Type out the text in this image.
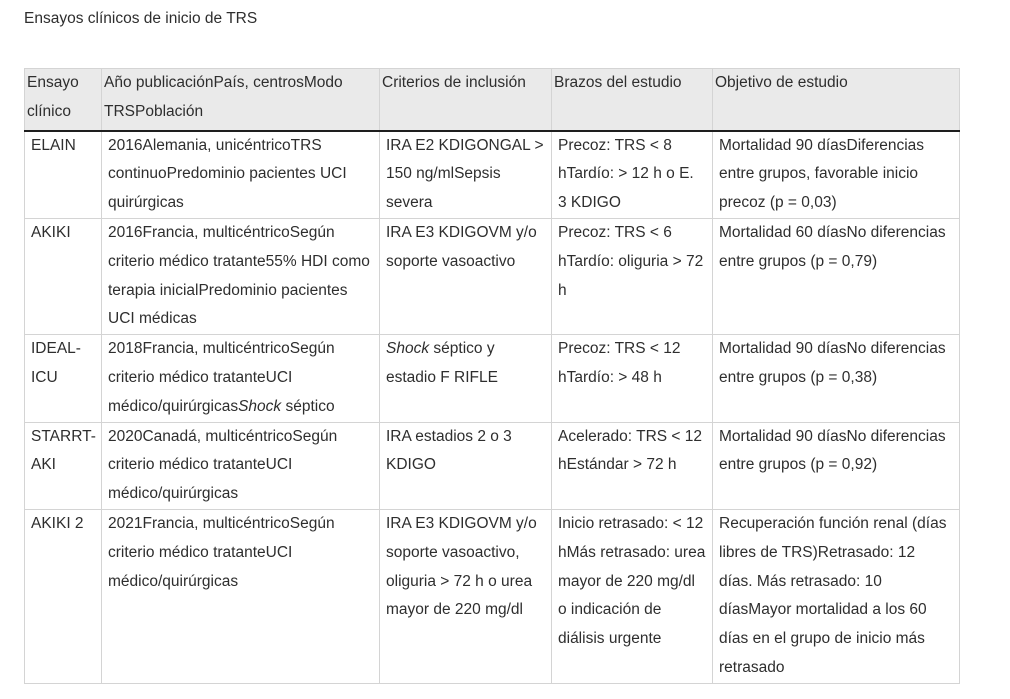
Ensayos clínicos de inicio de TRS
Ensayo clínico	Año publicaciónPaís, centrosModo TRSPoblación	Criterios de inclusión	Brazos del estudio	Objetivo de estudio
ELAIN	2016Alemania, unicéntricoTRS continuoPredominio pacientes UCI quirúrgicas	IRA E2 KDIGONGAL > 150 ng/mlSepsis severa	Precoz: TRS < 8 hTardío: > 12 h o E. 3 KDIGO	Mortalidad 90 díasDiferencias entre grupos, favorable inicio precoz (p = 0,03)
AKIKI	2016Francia, multicéntricoSegún criterio médico tratante55% HDI como terapia inicialPredominio pacientes UCI médicas	IRA E3 KDIGOVM y/o soporte vasoactivo	Precoz: TRS < 6 hTardío: oliguria > 72 h	Mortalidad 60 díasNo diferencias entre grupos (p = 0,79)
IDEAL-ICU	2018Francia, multicéntricoSegún criterio médico tratanteUCI médico/quirúrgicasShock séptico	Shock séptico y estadio F RIFLE	Precoz: TRS < 12 hTardío: > 48 h	Mortalidad 90 díasNo diferencias entre grupos (p = 0,38)
STARRT-AKI	2020Canadá, multicéntricoSegún criterio médico tratanteUCI médico/quirúrgicas	IRA estadios 2 o 3 KDIGO	Acelerado: TRS < 12 hEstándar > 72 h	Mortalidad 90 díasNo diferencias entre grupos (p = 0,92)
AKIKI 2	2021Francia, multicéntricoSegún criterio médico tratanteUCI médico/quirúrgicas	IRA E3 KDIGOVM y/o soporte vasoactivo, oliguria > 72 h o urea mayor de 220 mg/dl	Inicio retrasado: < 12 hMás retrasado: urea mayor de 220 mg/dl o indicación de diálisis urgente	Recuperación función renal (días libres de TRS)Retrasado: 12 días. Más retrasado: 10 díasMayor mortalidad a los 60 días en el grupo de inicio más retrasado
